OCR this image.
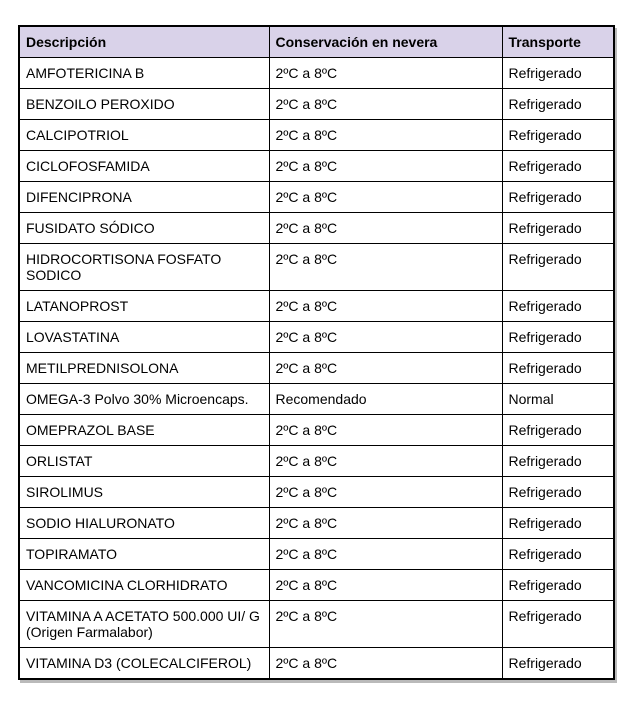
Descripción	Conservación en nevera	Transporte
AMFOTERICINA B	2ºC a 8ºC	Refrigerado
BENZOILO PEROXIDO	2ºC a 8ºC	Refrigerado
CALCIPOTRIOL	2ºC a 8ºC	Refrigerado
CICLOFOSFAMIDA	2ºC a 8ºC	Refrigerado
DIFENCIPRONA	2ºC a 8ºC	Refrigerado
FUSIDATO SÓDICO	2ºC a 8ºC	Refrigerado
HIDROCORTISONA FOSFATO SODICO	2ºC a 8ºC	Refrigerado
LATANOPROST	2ºC a 8ºC	Refrigerado
LOVASTATINA	2ºC a 8ºC	Refrigerado
METILPREDNISOLONA	2ºC a 8ºC	Refrigerado
OMEGA-3 Polvo 30% Microencaps.	Recomendado	Normal
OMEPRAZOL BASE	2ºC a 8ºC	Refrigerado
ORLISTAT	2ºC a 8ºC	Refrigerado
SIROLIMUS	2ºC a 8ºC	Refrigerado
SODIO HIALURONATO	2ºC a 8ºC	Refrigerado
TOPIRAMATO	2ºC a 8ºC	Refrigerado
VANCOMICINA CLORHIDRATO	2ºC a 8ºC	Refrigerado
VITAMINA A ACETATO 500.000 UI/ G (Origen Farmalabor)	2ºC a 8ºC	Refrigerado
VITAMINA D3 (COLECALCIFEROL)	2ºC a 8ºC	Refrigerado
